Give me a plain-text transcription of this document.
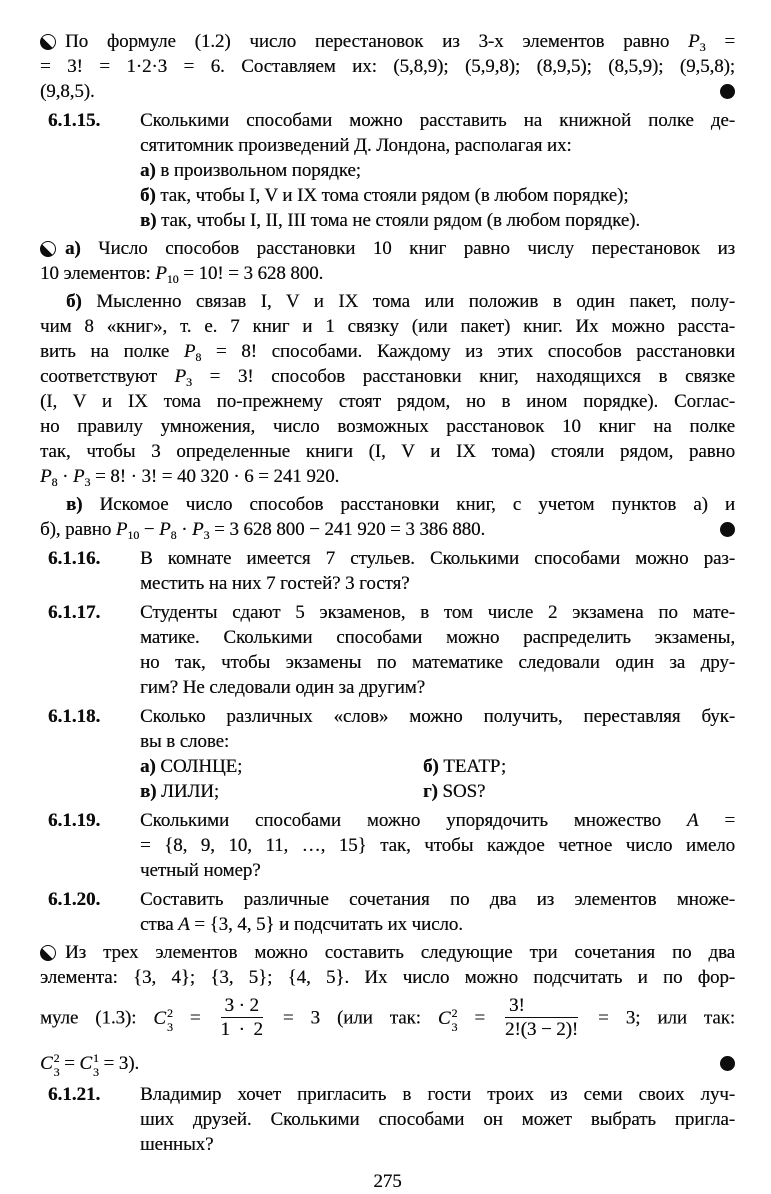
По формуле (1.2) число перестановок из 3-х элементов равно $P_3$ =
= 3! = 1·2·3 = 6. Составляем их: (5,8,9); (5,9,8); (8,9,5); (8,5,9); (9,5,8);
(9,8,5).
6.1.15. Сколькими способами можно расставить на книжной полке де-
сятитомник произведений Д. Лондона, располагая их:
а) в произвольном порядке;
б) так, чтобы I, V и IX тома стояли рядом (в любом порядке);
в) так, чтобы I, II, III тома не стояли рядом (в любом порядке).
а) Число способов расстановки 10 книг равно числу перестановок из
10 элементов: $P_{10} = 10$! = 3 628 800.
б) Мысленно связав I, V и IX тома или положив в один пакет, полу-
чим 8 «книг», т. е. 7 книг и 1 связку (или пакет) книг. Их можно расста-
вить на полке $P_8 = 8$! способами. Каждому из этих способов расстановки
соответствуют $P_3 = 3$! способов расстановки книг, находящихся в связке
(I, V и IX тома по-прежнему стоят рядом, но в ином порядке). Соглас-
но правилу умножения, число возможных расстановок 10 книг на полке
так, чтобы 3 определенные книги (I, V и IX тома) стояли рядом, равно
$P_8 \cdot P_3 = 8$! · 3! = 40 320 · 6 = 241 920.
в) Искомое число способов расстановки книг, с учетом пунктов а) и
б), равно $P_{10} - P_8 \cdot P_3 = 3$ 628 800 − 241 920 = 3 386 880.
6.1.16. В комнате имеется 7 стульев. Сколькими способами можно раз-
местить на них 7 гостей? 3 гостя?
6.1.17. Студенты сдают 5 экзаменов, в том числе 2 экзамена по мате-
матике. Сколькими способами можно распределить экзамены,
но так, чтобы экзамены по математике следовали один за дру-
гим? Не следовали один за другим?
6.1.18. Сколько различных «слов» можно получить, переставляя бук-
вы в слове:
а) СОЛНЦЕ;	б) ТЕАТР;
в) ЛИЛИ;	г) SOS?
6.1.19. Сколькими способами можно упорядочить множество A =
= {8, 9, 10, 11, …, 15} так, чтобы каждое четное число имело
четный номер?
6.1.20. Составить различные сочетания по два из элементов множе-
ства A = {3, 4, 5} и подсчитать их число.
Из трех элементов можно составить следующие три сочетания по два
элемента: {3, 4}; {3, 5}; {4, 5}. Их число можно подсчитать и по фор-
муле (1.3): C 2
$3 = \frac{3 \cdot 2}{1 \cdot 2} = 3$ (или так: C 2
$3 = \frac{3!}{2!(3 - 2)!} = 3$; или так:
C 2
3 = C 1
3 = 3).
6.1.21. Владимир хочет пригласить в гости троих из семи своих луч-
ших друзей. Сколькими способами он может выбрать пригла-
шенных?
275
